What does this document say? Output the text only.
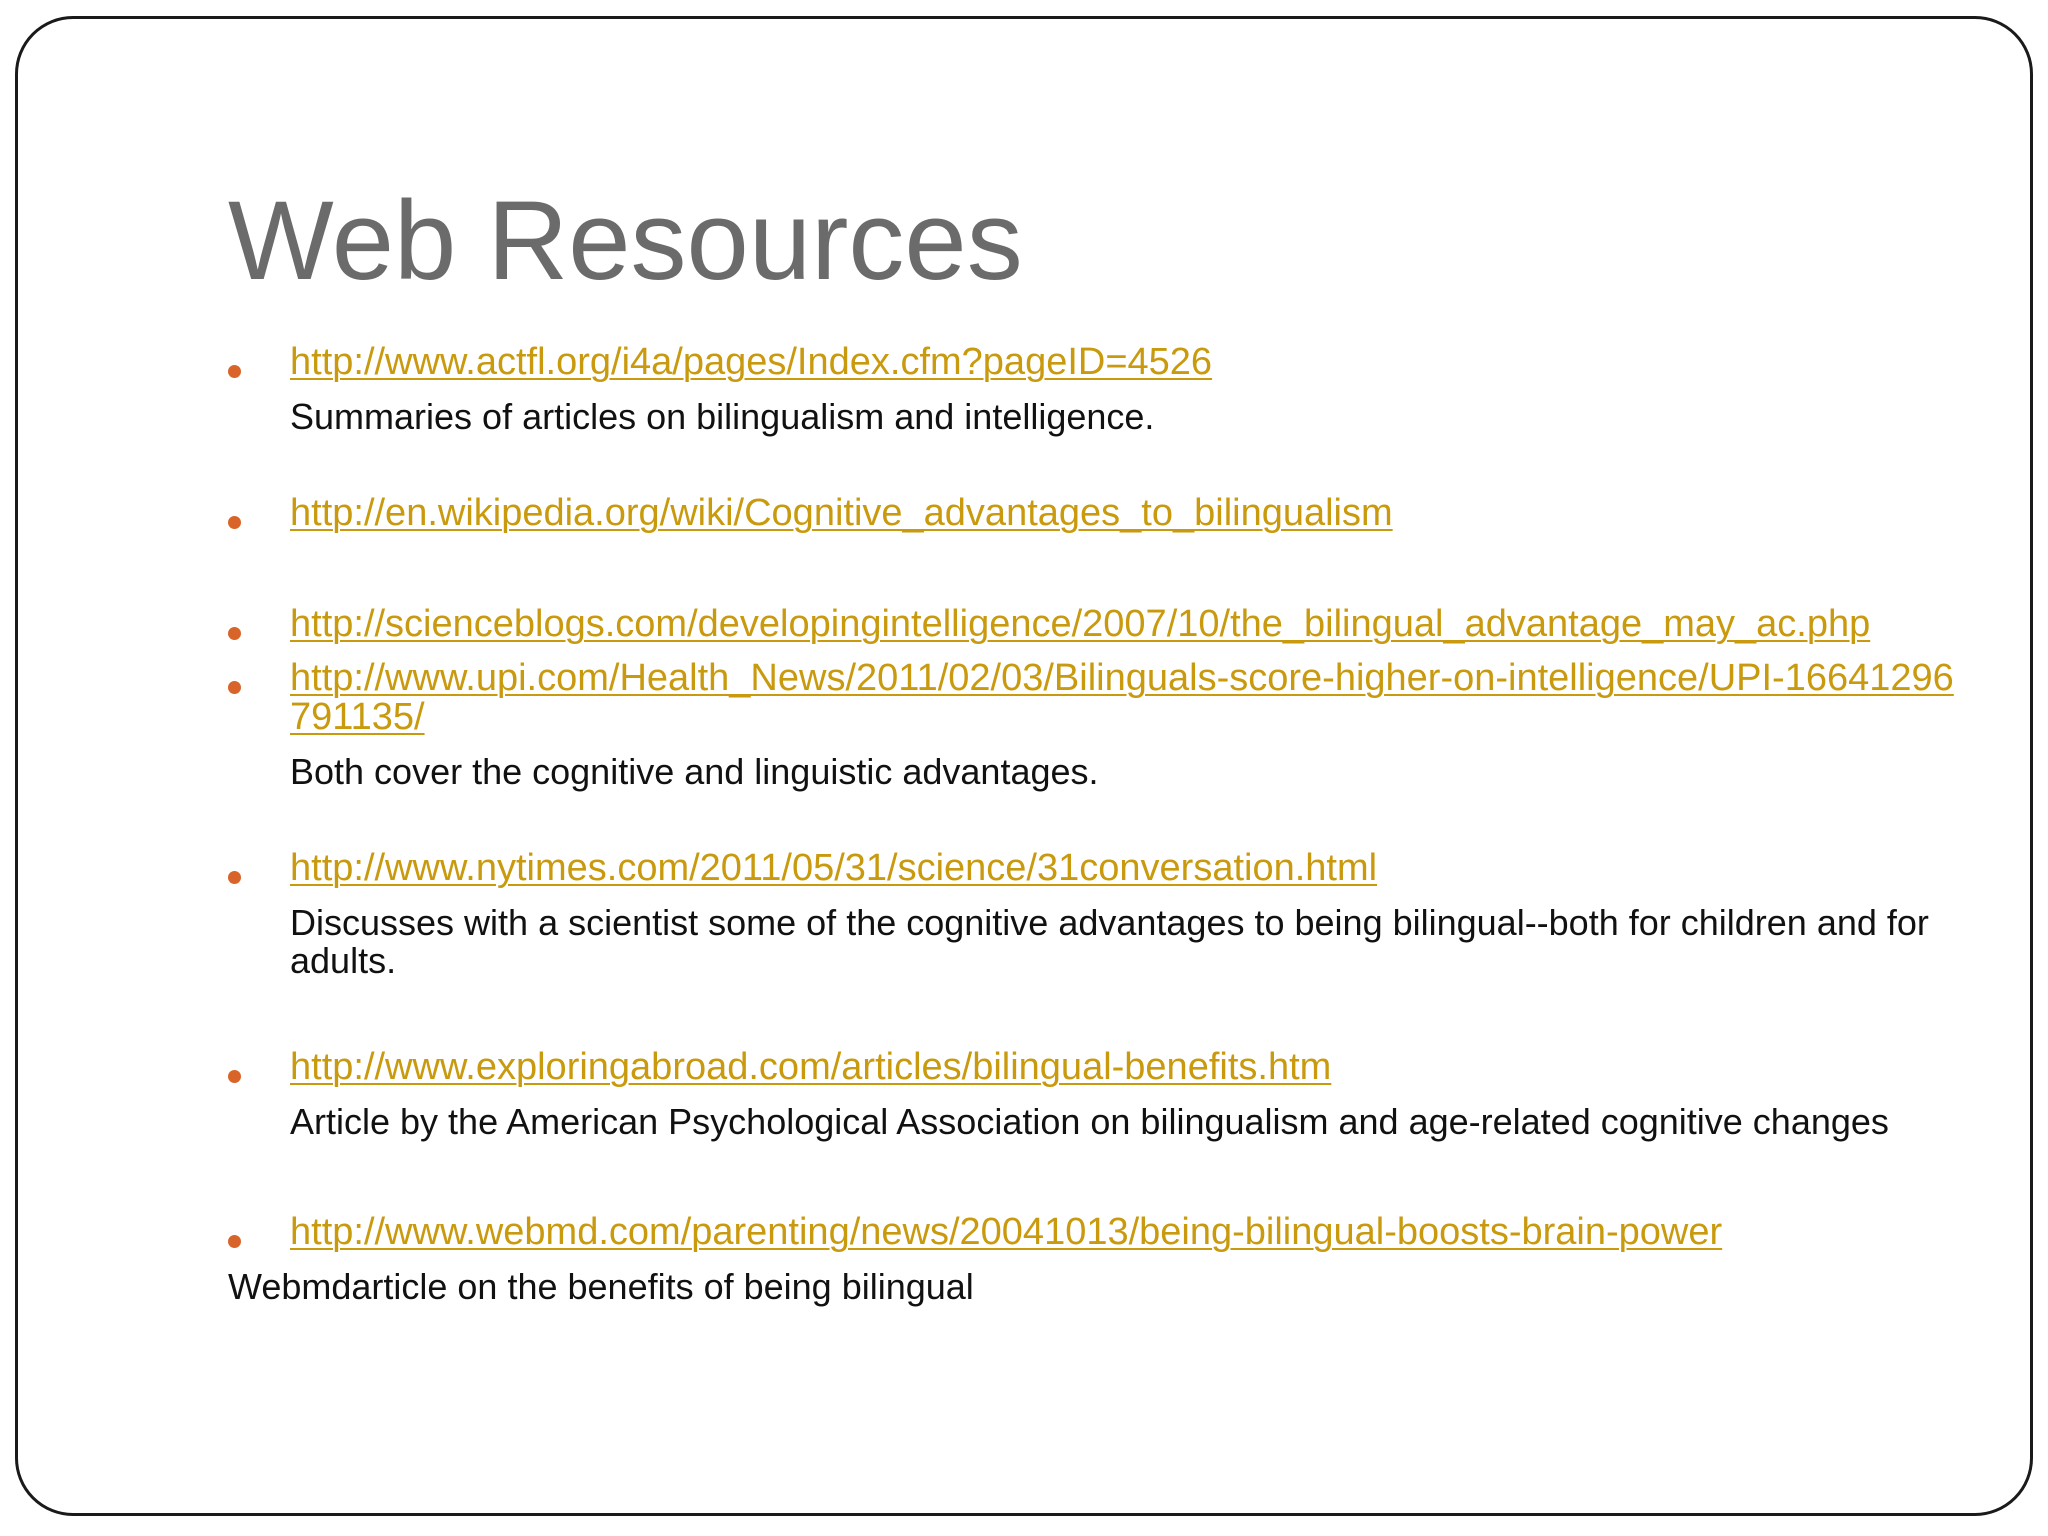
Web Resources
http://www.actfl.org/i4a/pages/Index.cfm?pageID=4526
Summaries of articles on bilingualism and intelligence.
http://en.wikipedia.org/wiki/Cognitive_advantages_to_bilingualism
http://scienceblogs.com/developingintelligence/2007/10/the_bilingual_advantage_may_ac.php
http://www.upi.com/Health_News/2011/02/03/Bilinguals-score-higher-on-intelligence/UPI-16641296791135/
Both cover the cognitive and linguistic advantages.
http://www.nytimes.com/2011/05/31/science/31conversation.html
Discusses with a scientist some of the cognitive advantages to being bilingual--both for children and for adults.
http://www.exploringabroad.com/articles/bilingual-benefits.htm
Article by the American Psychological Association on bilingualism and age-related cognitive changes
http://www.webmd.com/parenting/news/20041013/being-bilingual-boosts-brain-power
Webmdarticle on the benefits of being bilingual
